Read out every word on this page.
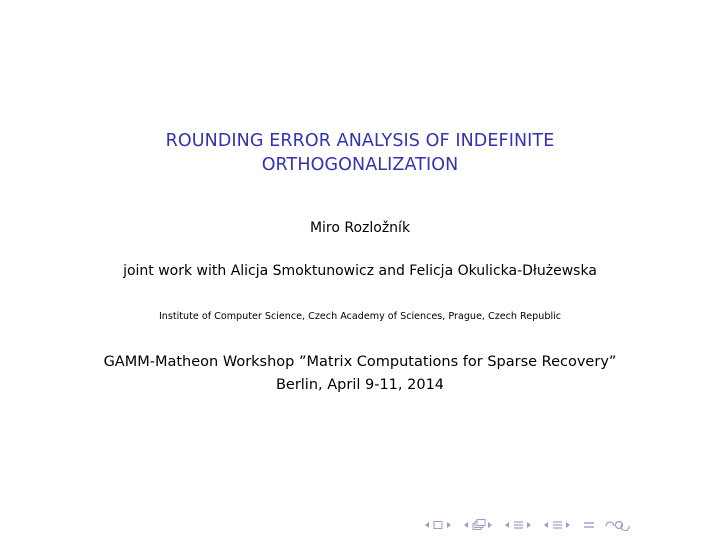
ROUNDING ERROR ANALYSIS OF INDEFINITE
ORTHOGONALIZATION
Miro Rozložník
joint work with Alicja Smoktunowicz and Felicja Okulicka-Dłużewska
Institute of Computer Science, Czech Academy of Sciences, Prague, Czech Republic
GAMM-Matheon Workshop ”Matrix Computations for Sparse Recovery”
Berlin, April 9-11, 2014
